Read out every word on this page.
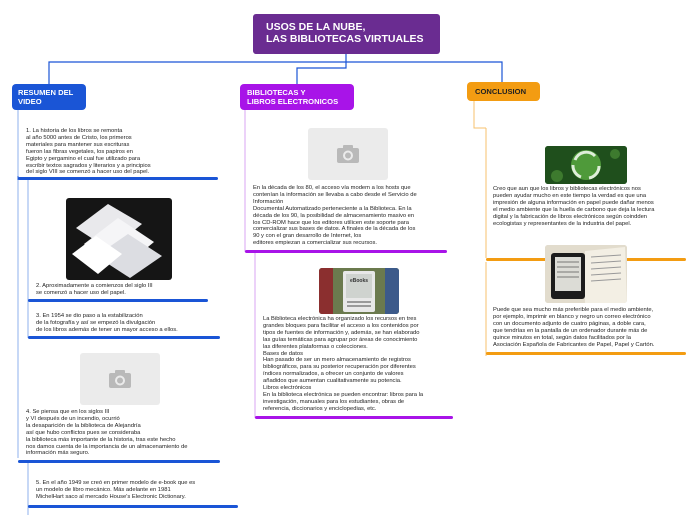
USOS DE LA NUBE,
LAS BIBLIOTECAS VIRTUALES
RESUMEN DEL
VIDEO
BIBLIOTECAS Y
LIBROS ELECTRONICOS
CONCLUSION
1. La historia de los libros se remonta
al año 5000 antes de Cristo, los primeros
materiales para mantener sus escrituras
fueron las fibras vegetales, los papiros en
Egipto y pergamino el cual fue utilizado para
escribir textos sagrados y literarios y a principios
del siglo VIII se comenzó a hacer uso del papel.
2. Aproximadamente a comienzos del siglo III
se comenzó a hacer uso del papel.
3. En 1954 se dio paso a la estabilización
de la fotografía y así se empezó la divulgación
de los libros además de tener un mayor acceso a ellos.
4. Se piensa que en los siglos III
y VI después de un incendio, ocurrió
la desaparición de la biblioteca de Alejandría
así que hubo conflictos pues se consideraba
la biblioteca más importante de la historia, tras este hecho
nos damos cuenta de la importancia de un almacenamiento de
información más seguro.
5. En el año 1949 se creó en primer modelo de e-book que es
un modelo de libro mecánico. Más adelante en 1981
MichelHart saco al mercado House's Electronic Dictionary.
En la década de los 80, el acceso vía modem a los hosts que
contenían la información se llevaba a cabo desde el Servicio de
Información
Documental Automatizado perteneciente a la Biblioteca. En la
década de los 90, la posibilidad de almacenamiento masivo en
los CD-ROM hace que los editores utilicen este soporte para
comercializar sus bases de datos. A finales de la década de los
90 y con el gran desarrollo de Internet, los
editores empiezan a comercializar sus recursos.
eBooks
La Biblioteca electrónica ha organizado los recursos en tres
grandes bloques para facilitar el acceso a los contenidos por
tipos de fuentes de información y, además, se han elaborado
las guías temáticas para agrupar por áreas de conocimiento
las diferentes plataformas o colecciones.
Bases de datos
Han pasado de ser un mero almacenamiento de registros
bibliográficos, para su posterior recuperación por diferentes
índices normalizados, a ofrecer un conjunto de valores
añadidos que aumentan cualitativamente su potencia.
Libros electrónicos
En la biblioteca electrónica se pueden encontrar: libros para la
investigación, manuales para los estudiantes, obras de
referencia, diccionarios y enciclopedias, etc.
Creo que aun que los libros y bibliotecas electrónicos nos
pueden ayudar mucho en este tiempo la verdad es que una
impresión de alguna información en papel puede dañar menos
el medio ambiente que la huella de carbono que deja la lectura
digital y la fabricación de libros electrónicos según coindden
ecologistas y representantes de la industria del papel.
Puede que sea mucho más preferible para el medio ambiente,
por ejemplo, imprimir en blanco y negro un correo electrónico
con un documento adjunto de cuatro páginas, a doble cara,
que tendrías en la pantalla de un ordenador durante más de
quince minutos en total, según datos facilitados por la
Asociación Española de Fabricantes de Papel, Papel y Cartón.
